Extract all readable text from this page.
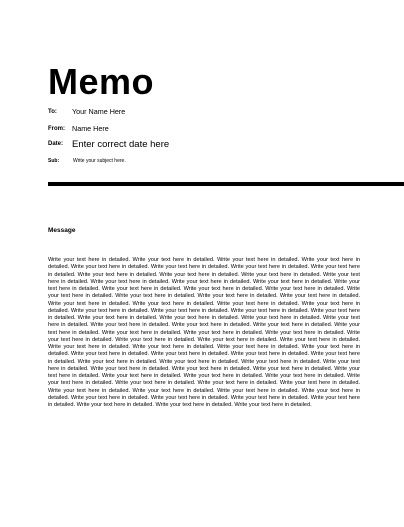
Memo
To: Your Name Here
From: Name Here
Date: Enter correct date here
Sub:	Write your subject here.
Message
Write your text here in detailed. Write your text here in detailed. Write your text here in detailed. Write your text here in detailed. Write your text here in detailed. Write your text here in detailed. Write your text here in detailed. Write your text here in detailed. Write your text here in detailed. Write your text here in detailed. Write your text here in detailed. Write your text here in detailed. Write your text here in detailed. Write your text here in detailed. Write your text here in detailed. Write your text here in detailed. Write your text here in detailed. Write your text here in detailed. Write your text here in detailed. Write your text here in detailed. Write your text here in detailed. Write your text here in detailed. Write your text here in detailed. Write your text here in detailed. Write your text here in detailed. Write your text here in detailed. Write your text here in detailed. Write your text here in detailed. Write your text here in detailed. Write your text here in detailed. Write your text here in detailed. Write your text here in detailed. Write your text here in detailed. Write your text here in detailed. Write your text here in detailed. Write your text here in detailed. Write your text here in detailed. Write your text here in detailed. Write your text here in detailed. Write your text here in detailed. Write your text here in detailed. Write your text here in detailed. Write your text here in detailed. Write your text here in detailed. Write your text here in detailed. Write your text here in detailed. Write your text here in detailed. Write your text here in detailed. Write your text here in detailed. Write your text here in detailed. Write your text here in detailed. Write your text here in detailed. Write your text here in detailed. Write your text here in detailed. Write your text here in detailed. Write your text here in detailed. Write your text here in detailed. Write your text here in detailed. Write your text here in detailed. Write your text here in detailed. Write your text here in detailed. Write your text here in detailed. Write your text here in detailed. Write your text here in detailed. Write your text here in detailed. Write your text here in detailed. Write your text here in detailed. Write your text here in detailed. Write your text here in detailed. Write your text here in detailed. Write your text here in detailed. Write your text here in detailed. Write your text here in detailed. Write your text here in detailed. Write your text here in detailed. Write your text here in detailed. Write your text here in detailed. Write your text here in detailed. Write your text here in detailed. Write your text here in detailed.
